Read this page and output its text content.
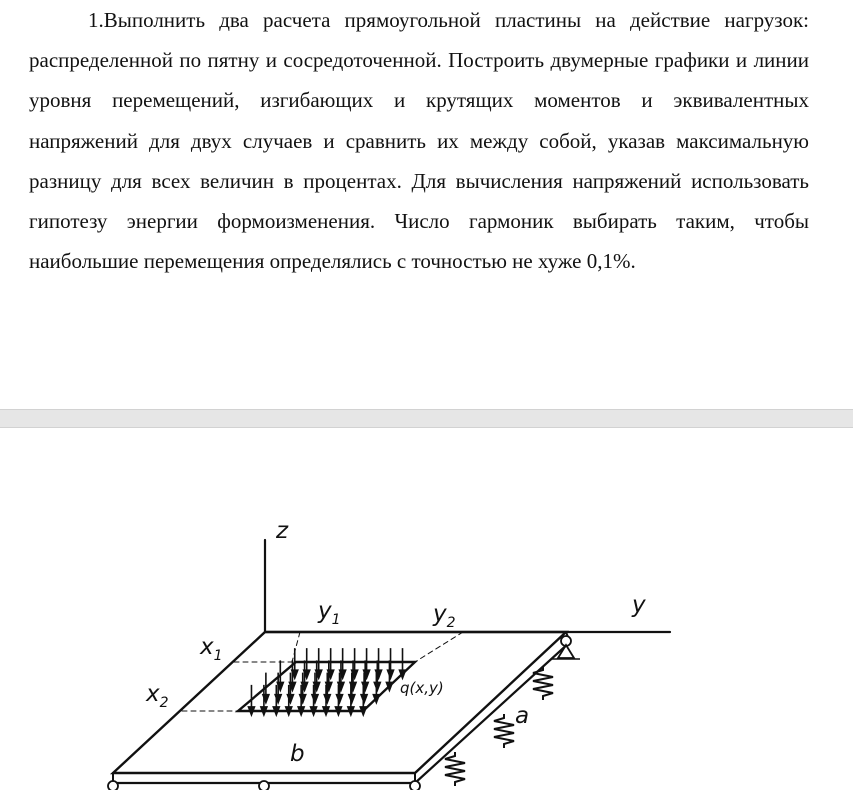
1.Выполнить два расчета прямоугольной пластины на действие нагрузок: распределенной по пятну и сосредоточенной. Построить двумерные графики и линии уровня перемещений, изгибающих и крутящих моментов и эквивалентных напряжений для двух случаев и сравнить их между собой, указав максимальную разницу для всех величин в процентах. Для вычисления напряжений использовать гипотезу энергии формоизменения. Число гармоник выбирать таким, чтобы наибольшие перемещения определялись с точностью не хуже 0,1%.

z
y
$y_1$	$y_2$
$x_1$
$x_2$
q(x,y)
a
b
